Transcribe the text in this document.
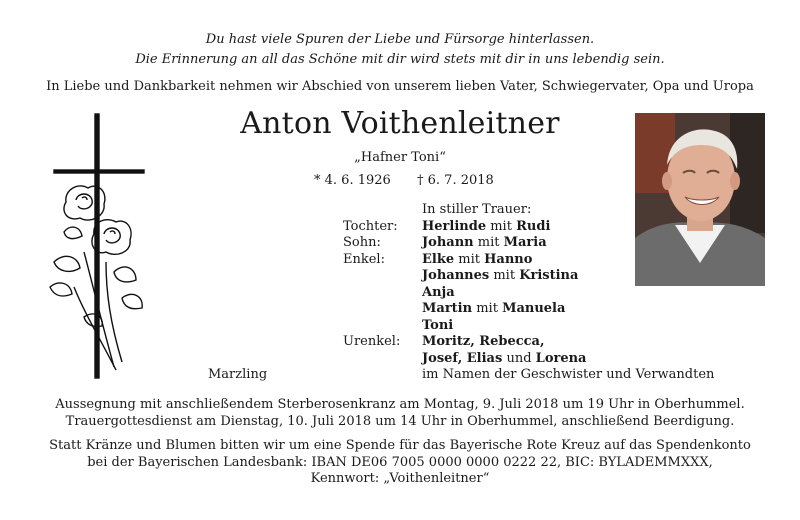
Du hast viele Spuren der Liebe und Fürsorge hinterlassen.
Die Erinnerung an all das Schöne mit dir wird stets mit dir in uns lebendig sein.
In Liebe und Dankbarkeit nehmen wir Abschied von unserem lieben Vater, Schwiegervater, Opa und Uropa
Anton Voithenleitner
„Hafner Toni“
* 4. 6. 1926 † 6. 7. 2018
In stiller Trauer:
Tochter: Herlinde mit Rudi
Sohn:	Johann mit Maria
Enkel:	Elke mit Hanno
Johannes mit Kristina
Anja
Martin mit Manuela
Toni
Urenkel: Moritz, Rebecca,
Josef, Elias und Lorena
Marzling	im Namen der Geschwister und Verwandten
Aussegnung mit anschließendem Sterberosenkranz am Montag, 9. Juli 2018 um 19 Uhr in Oberhummel.
Trauergottesdienst am Dienstag, 10. Juli 2018 um 14 Uhr in Oberhummel, anschließend Beerdigung.
Statt Kränze und Blumen bitten wir um eine Spende für das Bayerische Rote Kreuz auf das Spendenkonto
bei der Bayerischen Landesbank: IBAN DE06 7005 0000 0000 0222 22, BIC: BYLADEMMXXX,
Kennwort: „Voithenleitner“
